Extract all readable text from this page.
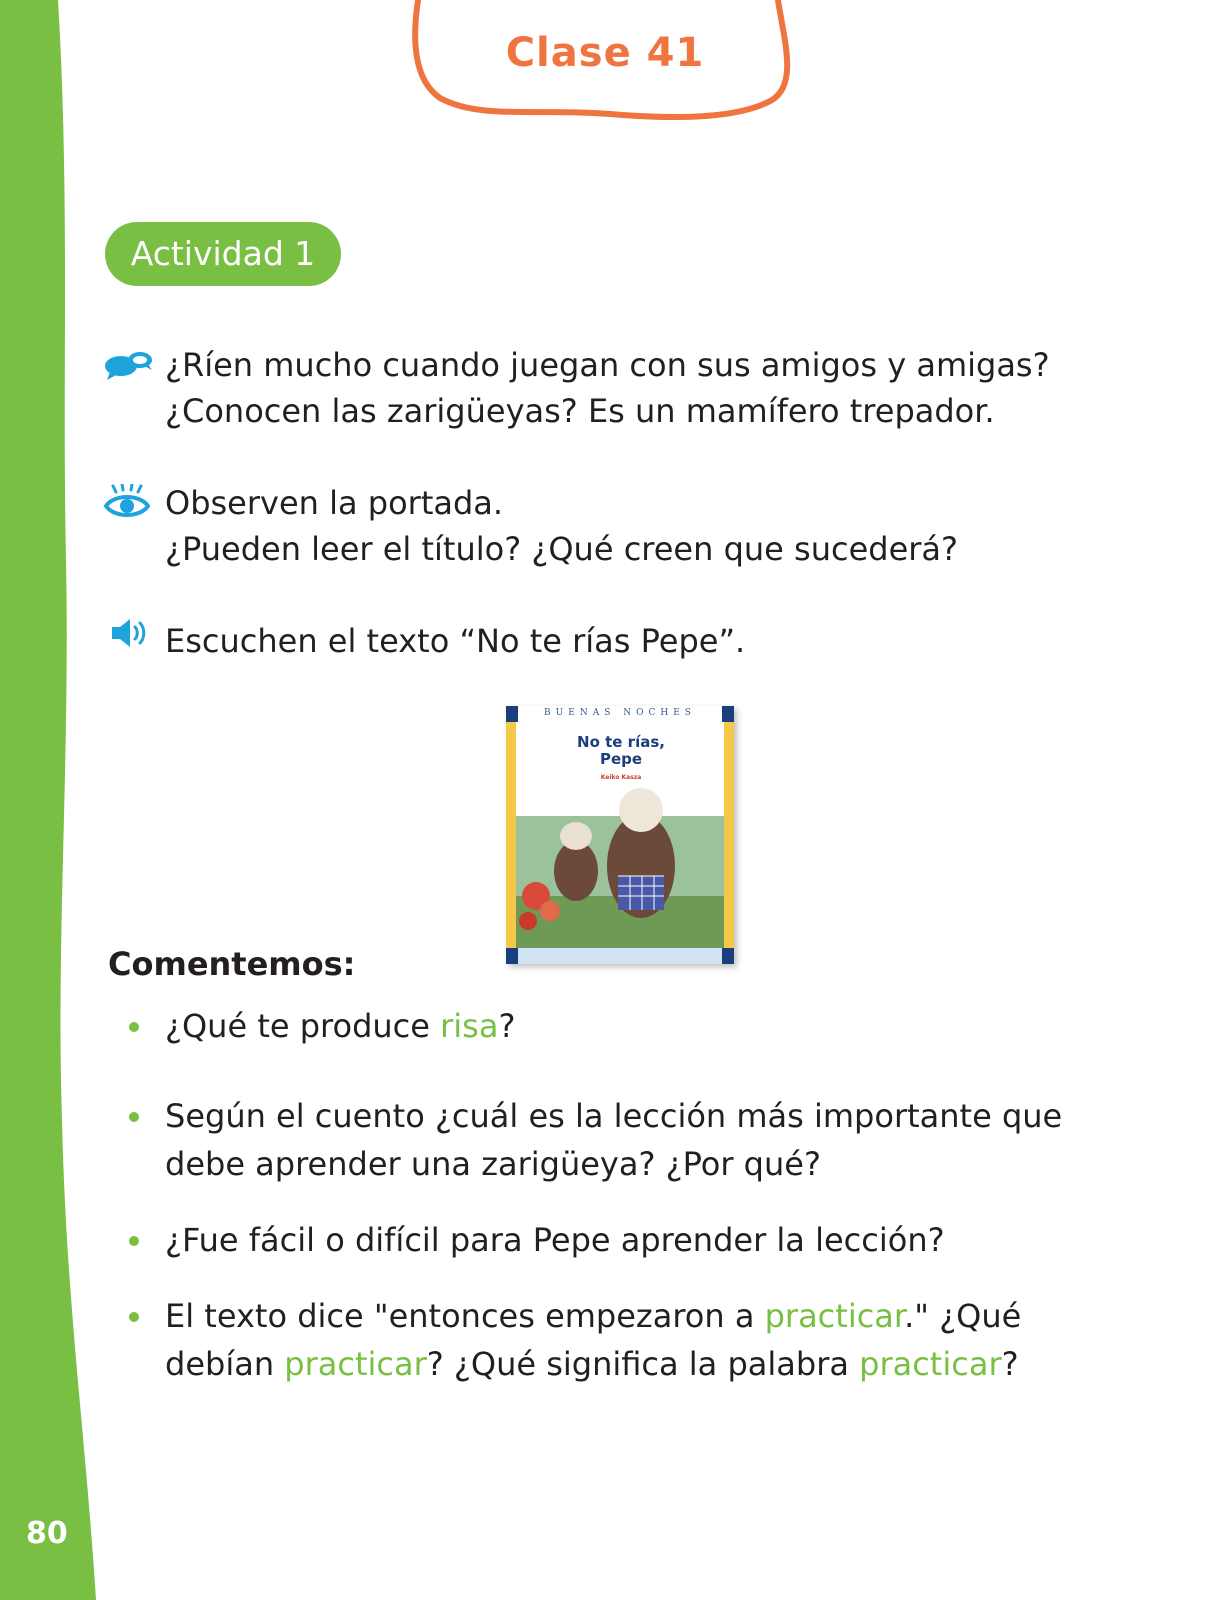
80
Clase 41
Actividad 1
¿Ríen mucho cuando juegan con sus amigos y amigas?
¿Conocen las zarigüeyas? Es un mamífero trepador.
Observen la portada.
¿Pueden leer el título? ¿Qué creen que sucederá?
Escuchen el texto “No te rías Pepe”.
BUENAS NOCHES
No te rías,
Pepe
Keiko Kasza
Comentemos:
¿Qué te produce risa?
Según el cuento ¿cuál es la lección más importante que
debe aprender una zarigüeya? ¿Por qué?
¿Fue fácil o difícil para Pepe aprender la lección?
El texto dice "entonces empezaron a practicar." ¿Qué
debían practicar? ¿Qué significa la palabra practicar?
